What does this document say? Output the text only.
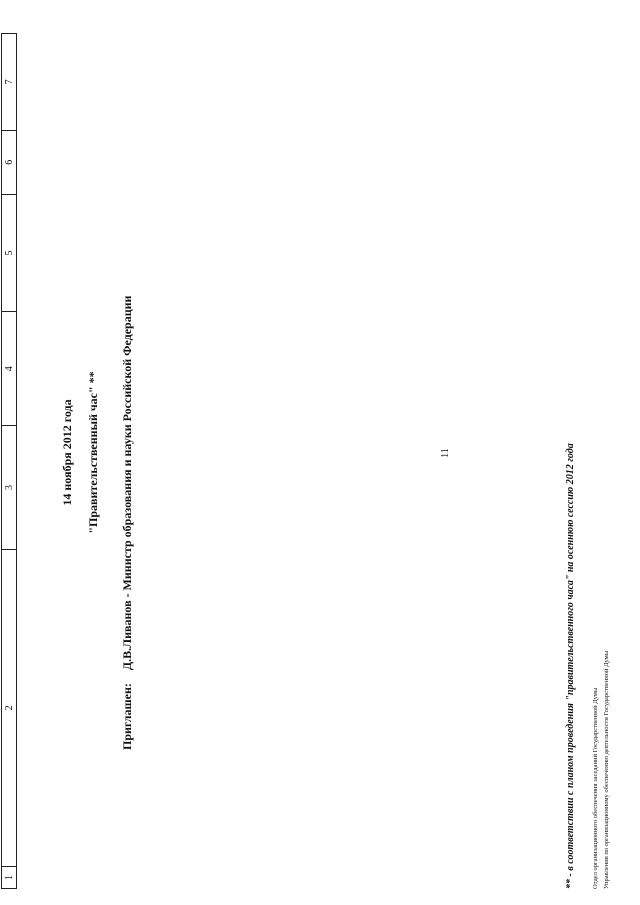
1
2
3
4
5
6
7
11
14 ноября 2012 года "Правительственный час" **
Приглашен: Д.В.Ливанов - Министр образования и науки Российской Федерации	** - в соответствии с планом проведения "правительственного часа" на осеннюю сессию 2012 года Отдел организационного обеспечения заседаний Государственной Думы Управления по организационному обеспечению деятельности Государственной Думы
